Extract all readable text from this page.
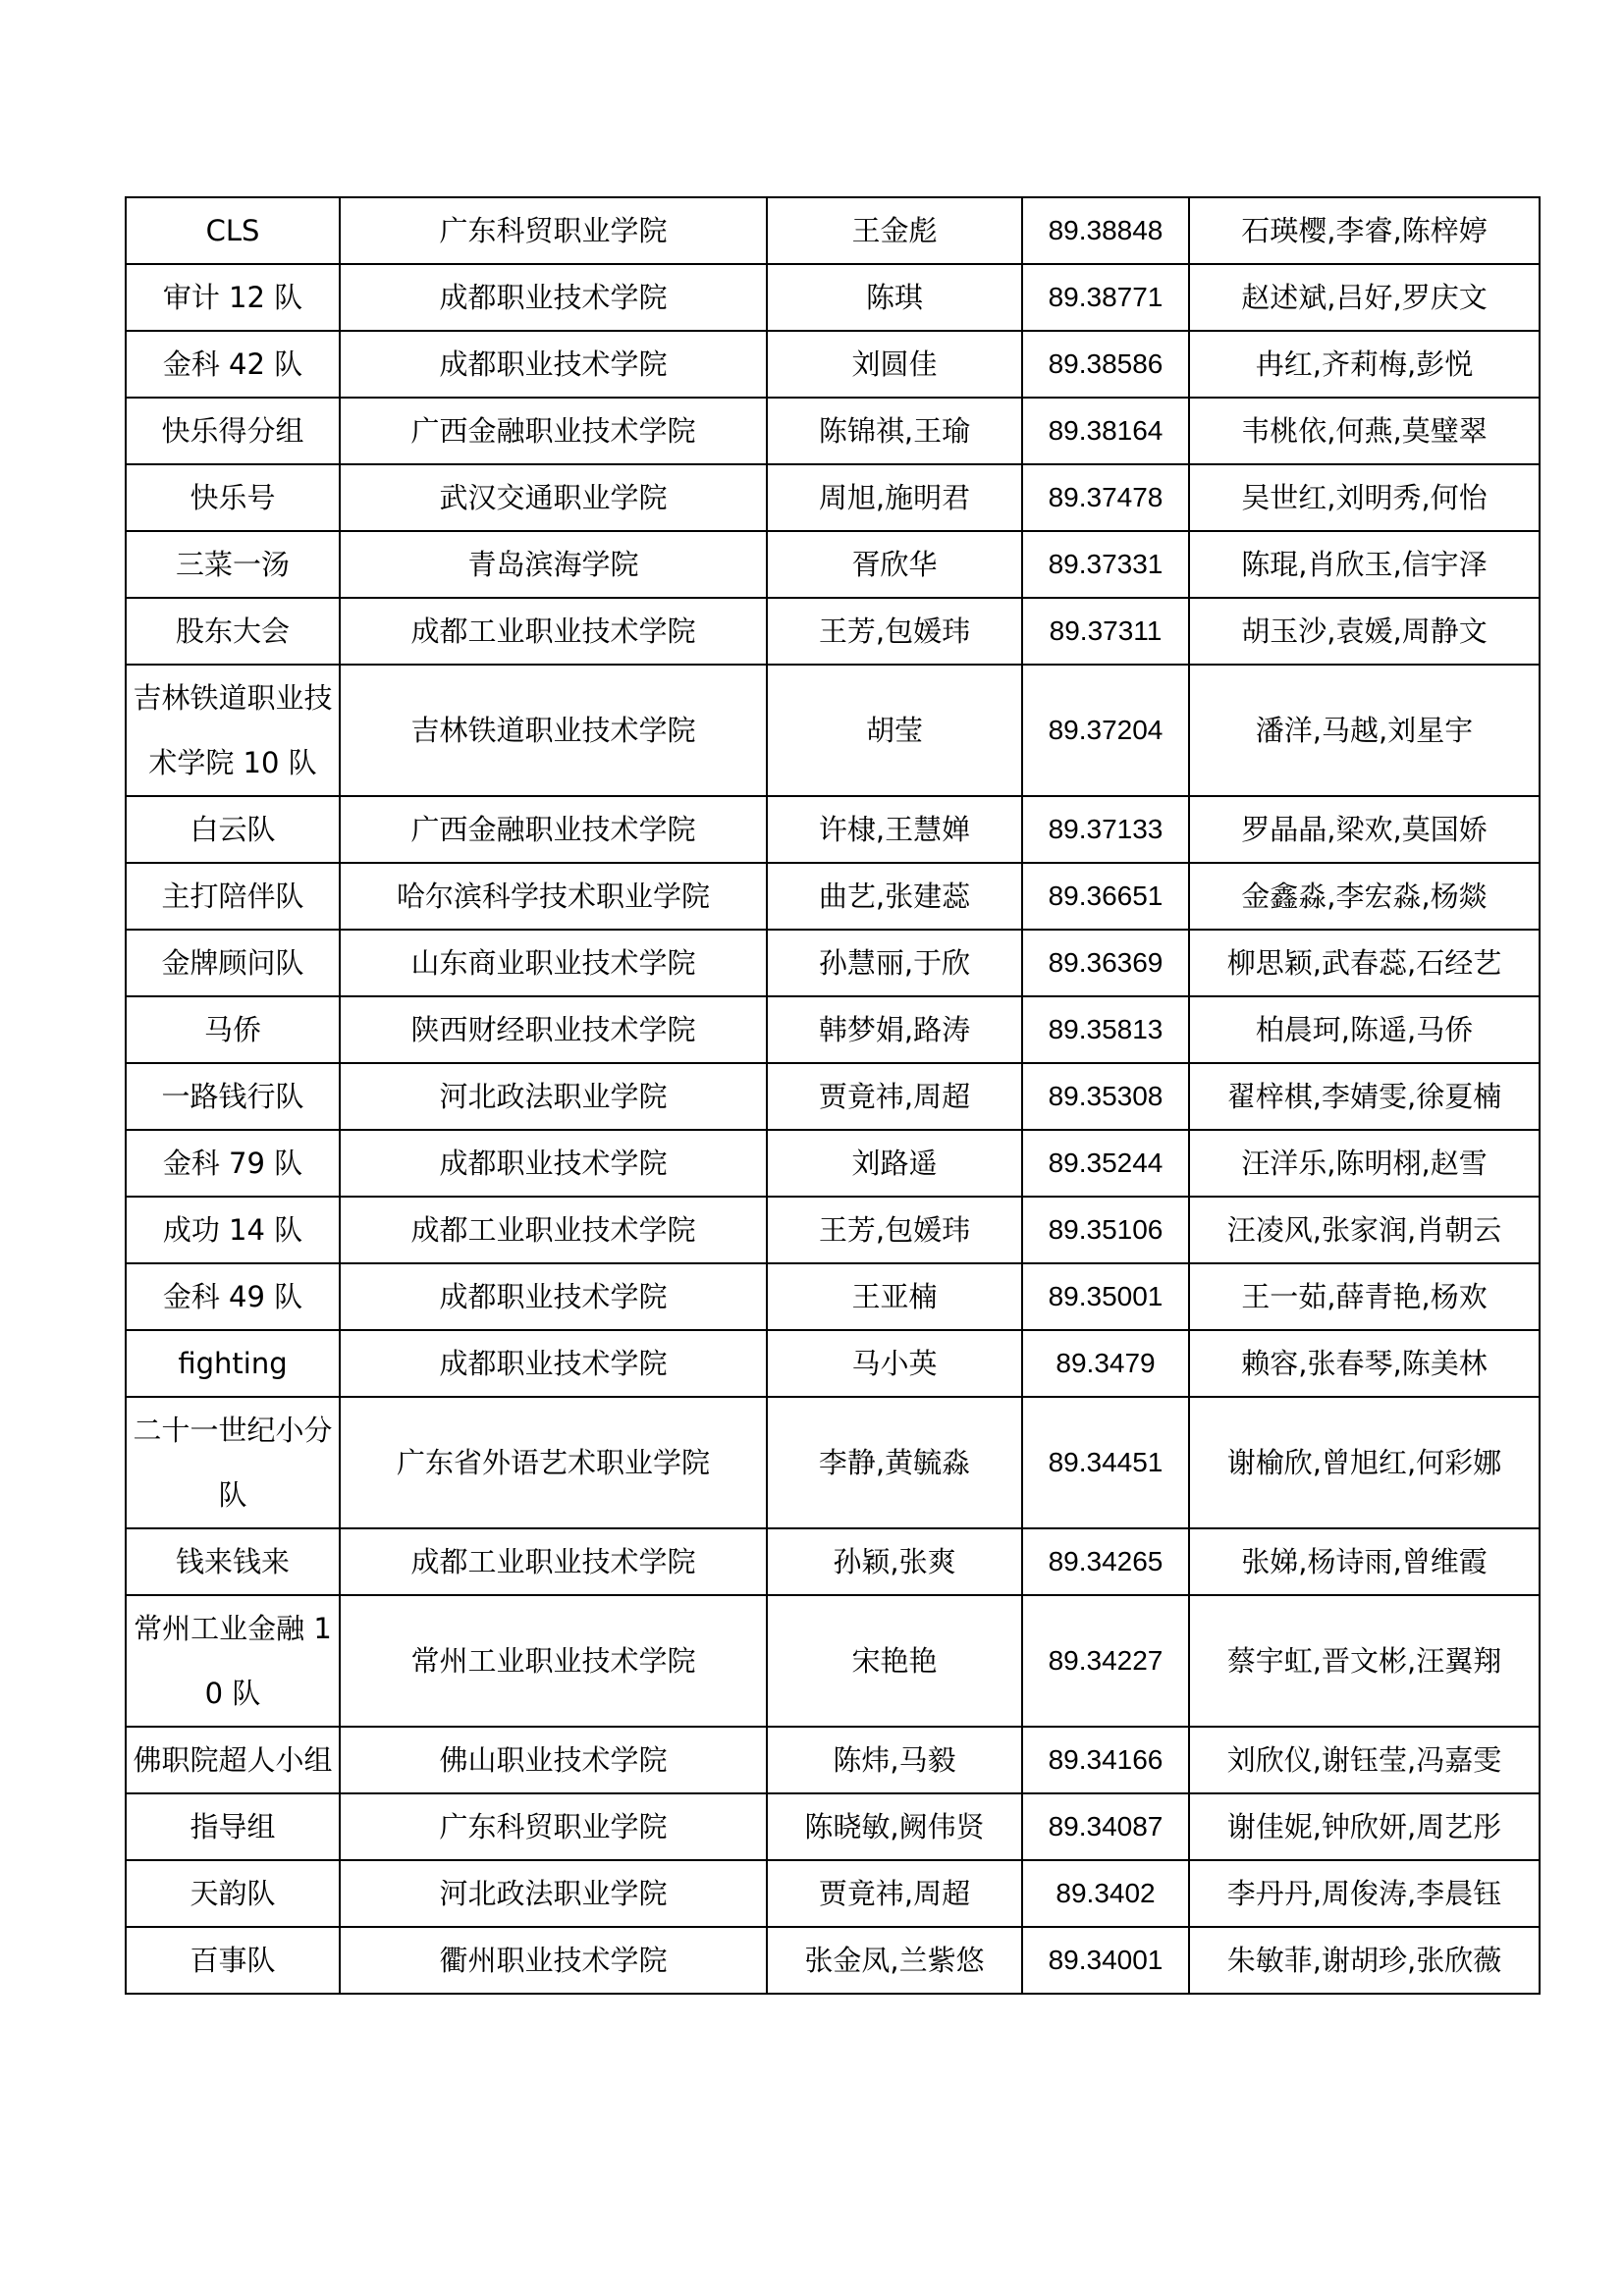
CLS	广东科贸职业学院	王金彪	89.38848	石瑛樱,李睿,陈梓婷
审计 12 队	成都职业技术学院	陈琪	89.38771	赵述斌,吕好,罗庆文
金科 42 队	成都职业技术学院	刘圆佳	89.38586	冉红,齐莉梅,彭悦
快乐得分组	广西金融职业技术学院	陈锦祺,王瑜	89.38164	韦桃依,何燕,莫璧翠
快乐号	武汉交通职业学院	周旭,施明君	89.37478	吴世红,刘明秀,何怡
三菜一汤	青岛滨海学院	胥欣华	89.37331	陈琨,肖欣玉,信宇泽
股东大会	成都工业职业技术学院	王芳,包媛玮	89.37311	胡玉沙,袁媛,周静文
吉林铁道职业技术学院 10 队	吉林铁道职业技术学院	胡莹	89.37204	潘洋,马越,刘星宇
白云队	广西金融职业技术学院	许棣,王慧婵	89.37133	罗晶晶,梁欢,莫国娇
主打陪伴队	哈尔滨科学技术职业学院	曲艺,张建蕊	89.36651	金鑫淼,李宏淼,杨燚
金牌顾问队	山东商业职业技术学院	孙慧丽,于欣	89.36369	柳思颖,武春蕊,石经艺
马侨	陕西财经职业技术学院	韩梦娟,路涛	89.35813	柏晨珂,陈遥,马侨
一路钱行队	河北政法职业学院	贾竟祎,周超	89.35308	翟梓棋,李婧雯,徐夏楠
金科 79 队	成都职业技术学院	刘路遥	89.35244	汪洋乐,陈明栩,赵雪
成功 14 队	成都工业职业技术学院	王芳,包媛玮	89.35106	汪凌风,张家润,肖朝云
金科 49 队	成都职业技术学院	王亚楠	89.35001	王一茹,薛青艳,杨欢
fighting	成都职业技术学院	马小英	89.3479	赖容,张春琴,陈美林
二十一世纪小分队	广东省外语艺术职业学院	李静,黄毓淼	89.34451	谢榆欣,曾旭红,何彩娜
钱来钱来	成都工业职业技术学院	孙颖,张爽	89.34265	张娣,杨诗雨,曾维霞
常州工业金融 10 队	常州工业职业技术学院	宋艳艳	89.34227	蔡宇虹,晋文彬,汪翼翔
佛职院超人小组	佛山职业技术学院	陈炜,马毅	89.34166	刘欣仪,谢钰莹,冯嘉雯
指导组	广东科贸职业学院	陈晓敏,阙伟贤	89.34087	谢佳妮,钟欣妍,周艺彤
天韵队	河北政法职业学院	贾竟祎,周超	89.3402	李丹丹,周俊涛,李晨钰
百事队	衢州职业技术学院	张金凤,兰紫悠	89.34001	朱敏菲,谢胡珍,张欣薇
